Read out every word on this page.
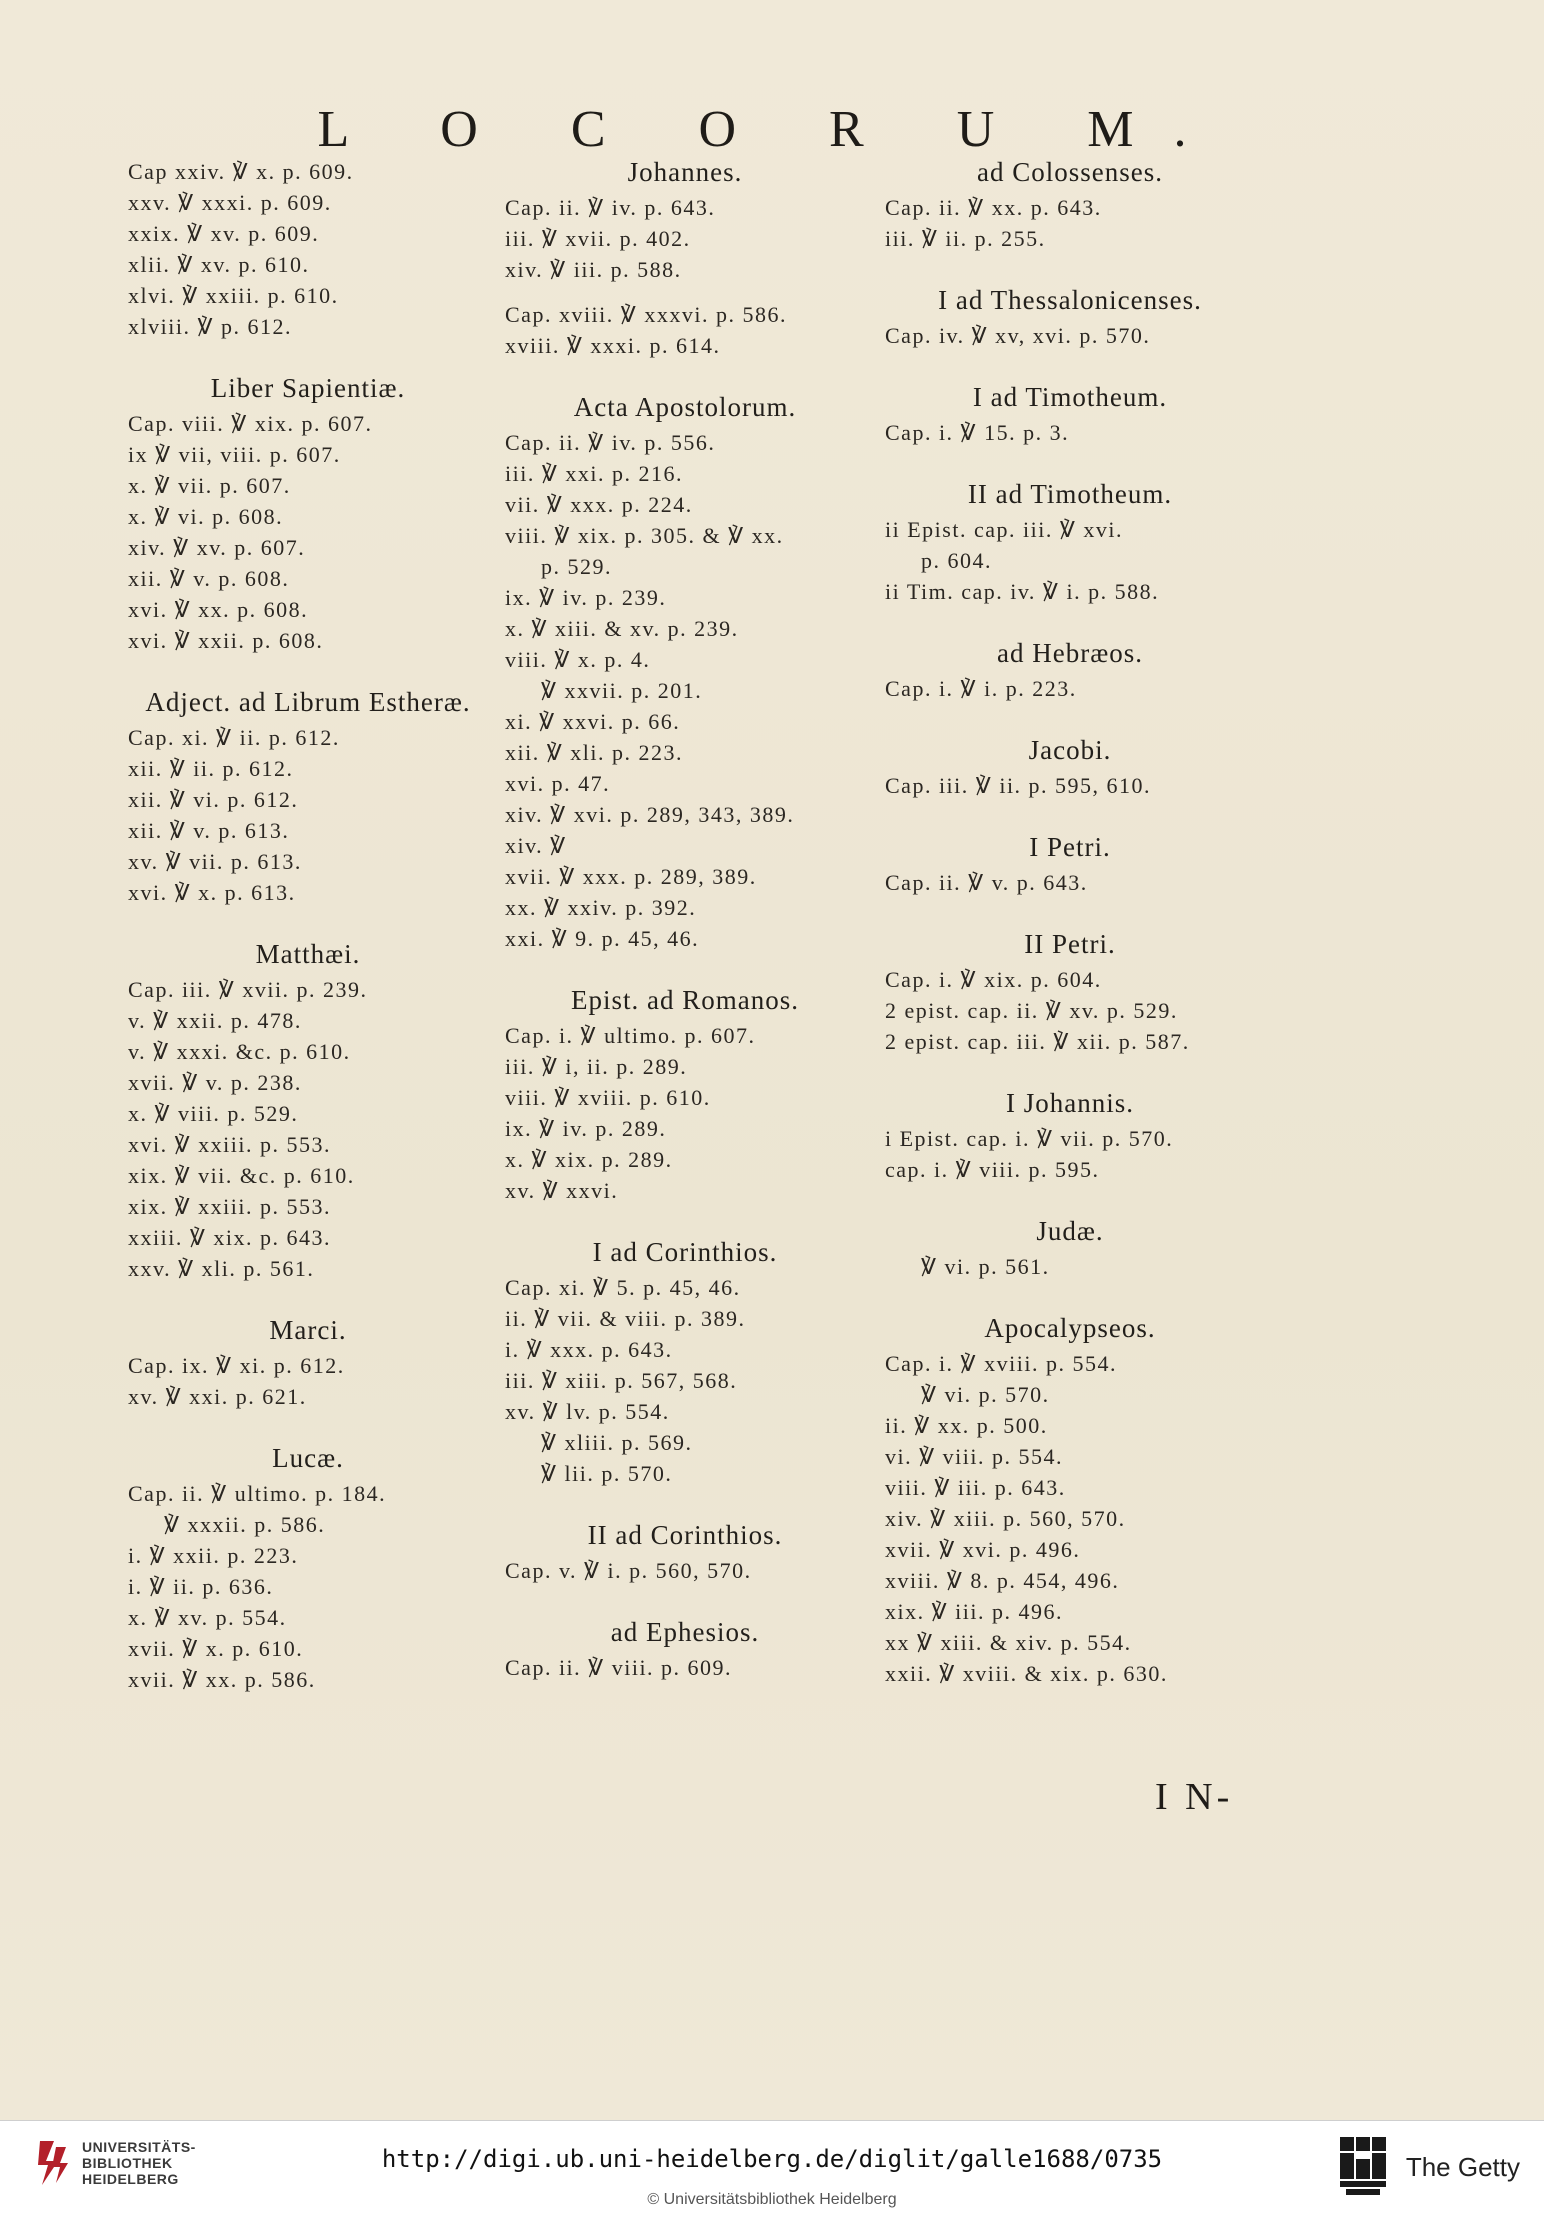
L O C O R U M.
Cap xxiv. ℣ x. p. 609.
xxv. ℣ xxxi. p. 609.
xxix. ℣ xv. p. 609.
xlii. ℣ xv. p. 610.
xlvi. ℣ xxiii. p. 610.
xlviii. ℣ p. 612.
Liber Sapientiæ.
Cap. viii. ℣ xix. p. 607.
ix ℣ vii, viii. p. 607.
x. ℣ vii. p. 607.
x. ℣ vi. p. 608.
xiv. ℣ xv. p. 607.
xii. ℣ v. p. 608.
xvi. ℣ xx. p. 608.
xvi. ℣ xxii. p. 608.
Adject. ad Librum Estheræ.
Cap. xi. ℣ ii. p. 612.
xii. ℣ ii. p. 612.
xii. ℣ vi. p. 612.
xii. ℣ v. p. 613.
xv. ℣ vii. p. 613.
xvi. ℣ x. p. 613.
Matthæi.
Cap. iii. ℣ xvii. p. 239.
v. ℣ xxii. p. 478.
v. ℣ xxxi. &c. p. 610.
xvii. ℣ v. p. 238.
x. ℣ viii. p. 529.
xvi. ℣ xxiii. p. 553.
xix. ℣ vii. &c. p. 610.
xix. ℣ xxiii. p. 553.
xxiii. ℣ xix. p. 643.
xxv. ℣ xli. p. 561.
Marci.
Cap. ix. ℣ xi. p. 612.
xv. ℣ xxi. p. 621.
Lucæ.
Cap. ii. ℣ ultimo. p. 184.
℣ xxxii. p. 586.
i. ℣ xxii. p. 223.
i. ℣ ii. p. 636.
x. ℣ xv. p. 554.
xvii. ℣ x. p. 610.
xvii. ℣ xx. p. 586.
Johannes.
Cap. ii. ℣ iv. p. 643.
iii. ℣ xvii. p. 402.
xiv. ℣ iii. p. 588.
Cap. xviii. ℣ xxxvi. p. 586.
xviii. ℣ xxxi. p. 614.
Acta Apostolorum.
Cap. ii. ℣ iv. p. 556.
iii. ℣ xxi. p. 216.
vii. ℣ xxx. p. 224.
viii. ℣ xix. p. 305. & ℣ xx.
p. 529.
ix. ℣ iv. p. 239.
x. ℣ xiii. & xv. p. 239.
viii. ℣ x. p. 4.
℣ xxvii. p. 201.
xi. ℣ xxvi. p. 66.
xii. ℣ xli. p. 223.
xvi. p. 47.
xiv. ℣ xvi. p. 289, 343, 389.
xiv. ℣
xvii. ℣ xxx. p. 289, 389.
xx. ℣ xxiv. p. 392.
xxi. ℣ 9. p. 45, 46.
Epist. ad Romanos.
Cap. i. ℣ ultimo. p. 607.
iii. ℣ i, ii. p. 289.
viii. ℣ xviii. p. 610.
ix. ℣ iv. p. 289.
x. ℣ xix. p. 289.
xv. ℣ xxvi.
I ad Corinthios.
Cap. xi. ℣ 5. p. 45, 46.
ii. ℣ vii. & viii. p. 389.
i. ℣ xxx. p. 643.
iii. ℣ xiii. p. 567, 568.
xv. ℣ lv. p. 554.
℣ xliii. p. 569.
℣ lii. p. 570.
II ad Corinthios.
Cap. v. ℣ i. p. 560, 570.
ad Ephesios.
Cap. ii. ℣ viii. p. 609.
ad Colossenses.
Cap. ii. ℣ xx. p. 643.
iii. ℣ ii. p. 255.
I ad Thessalonicenses.
Cap. iv. ℣ xv, xvi. p. 570.
I ad Timotheum.
Cap. i. ℣ 15. p. 3.
II ad Timotheum.
ii Epist. cap. iii. ℣ xvi.
p. 604.
ii Tim. cap. iv. ℣ i. p. 588.
ad Hebræos.
Cap. i. ℣ i. p. 223.
Jacobi.
Cap. iii. ℣ ii. p. 595, 610.
I Petri.
Cap. ii. ℣ v. p. 643.
II Petri.
Cap. i. ℣ xix. p. 604.
2 epist. cap. ii. ℣ xv. p. 529.
2 epist. cap. iii. ℣ xii. p. 587.
I Johannis.
i Epist. cap. i. ℣ vii. p. 570.
cap. i. ℣ viii. p. 595.
Judæ.
℣ vi. p. 561.
Apocalypseos.
Cap. i. ℣ xviii. p. 554.
℣ vi. p. 570.
ii. ℣ xx. p. 500.
vi. ℣ viii. p. 554.
viii. ℣ iii. p. 643.
xiv. ℣ xiii. p. 560, 570.
xvii. ℣ xvi. p. 496.
xviii. ℣ 8. p. 454, 496.
xix. ℣ iii. p. 496.
xx ℣ xiii. & xiv. p. 554.
xxii. ℣ xviii. & xix. p. 630.
I N-
UNIVERSITÄTS-
BIBLIOTHEK
HEIDELBERG
http://digi.ub.uni-heidelberg.de/diglit/galle1688/0735
© Universitätsbibliothek Heidelberg
The Getty
